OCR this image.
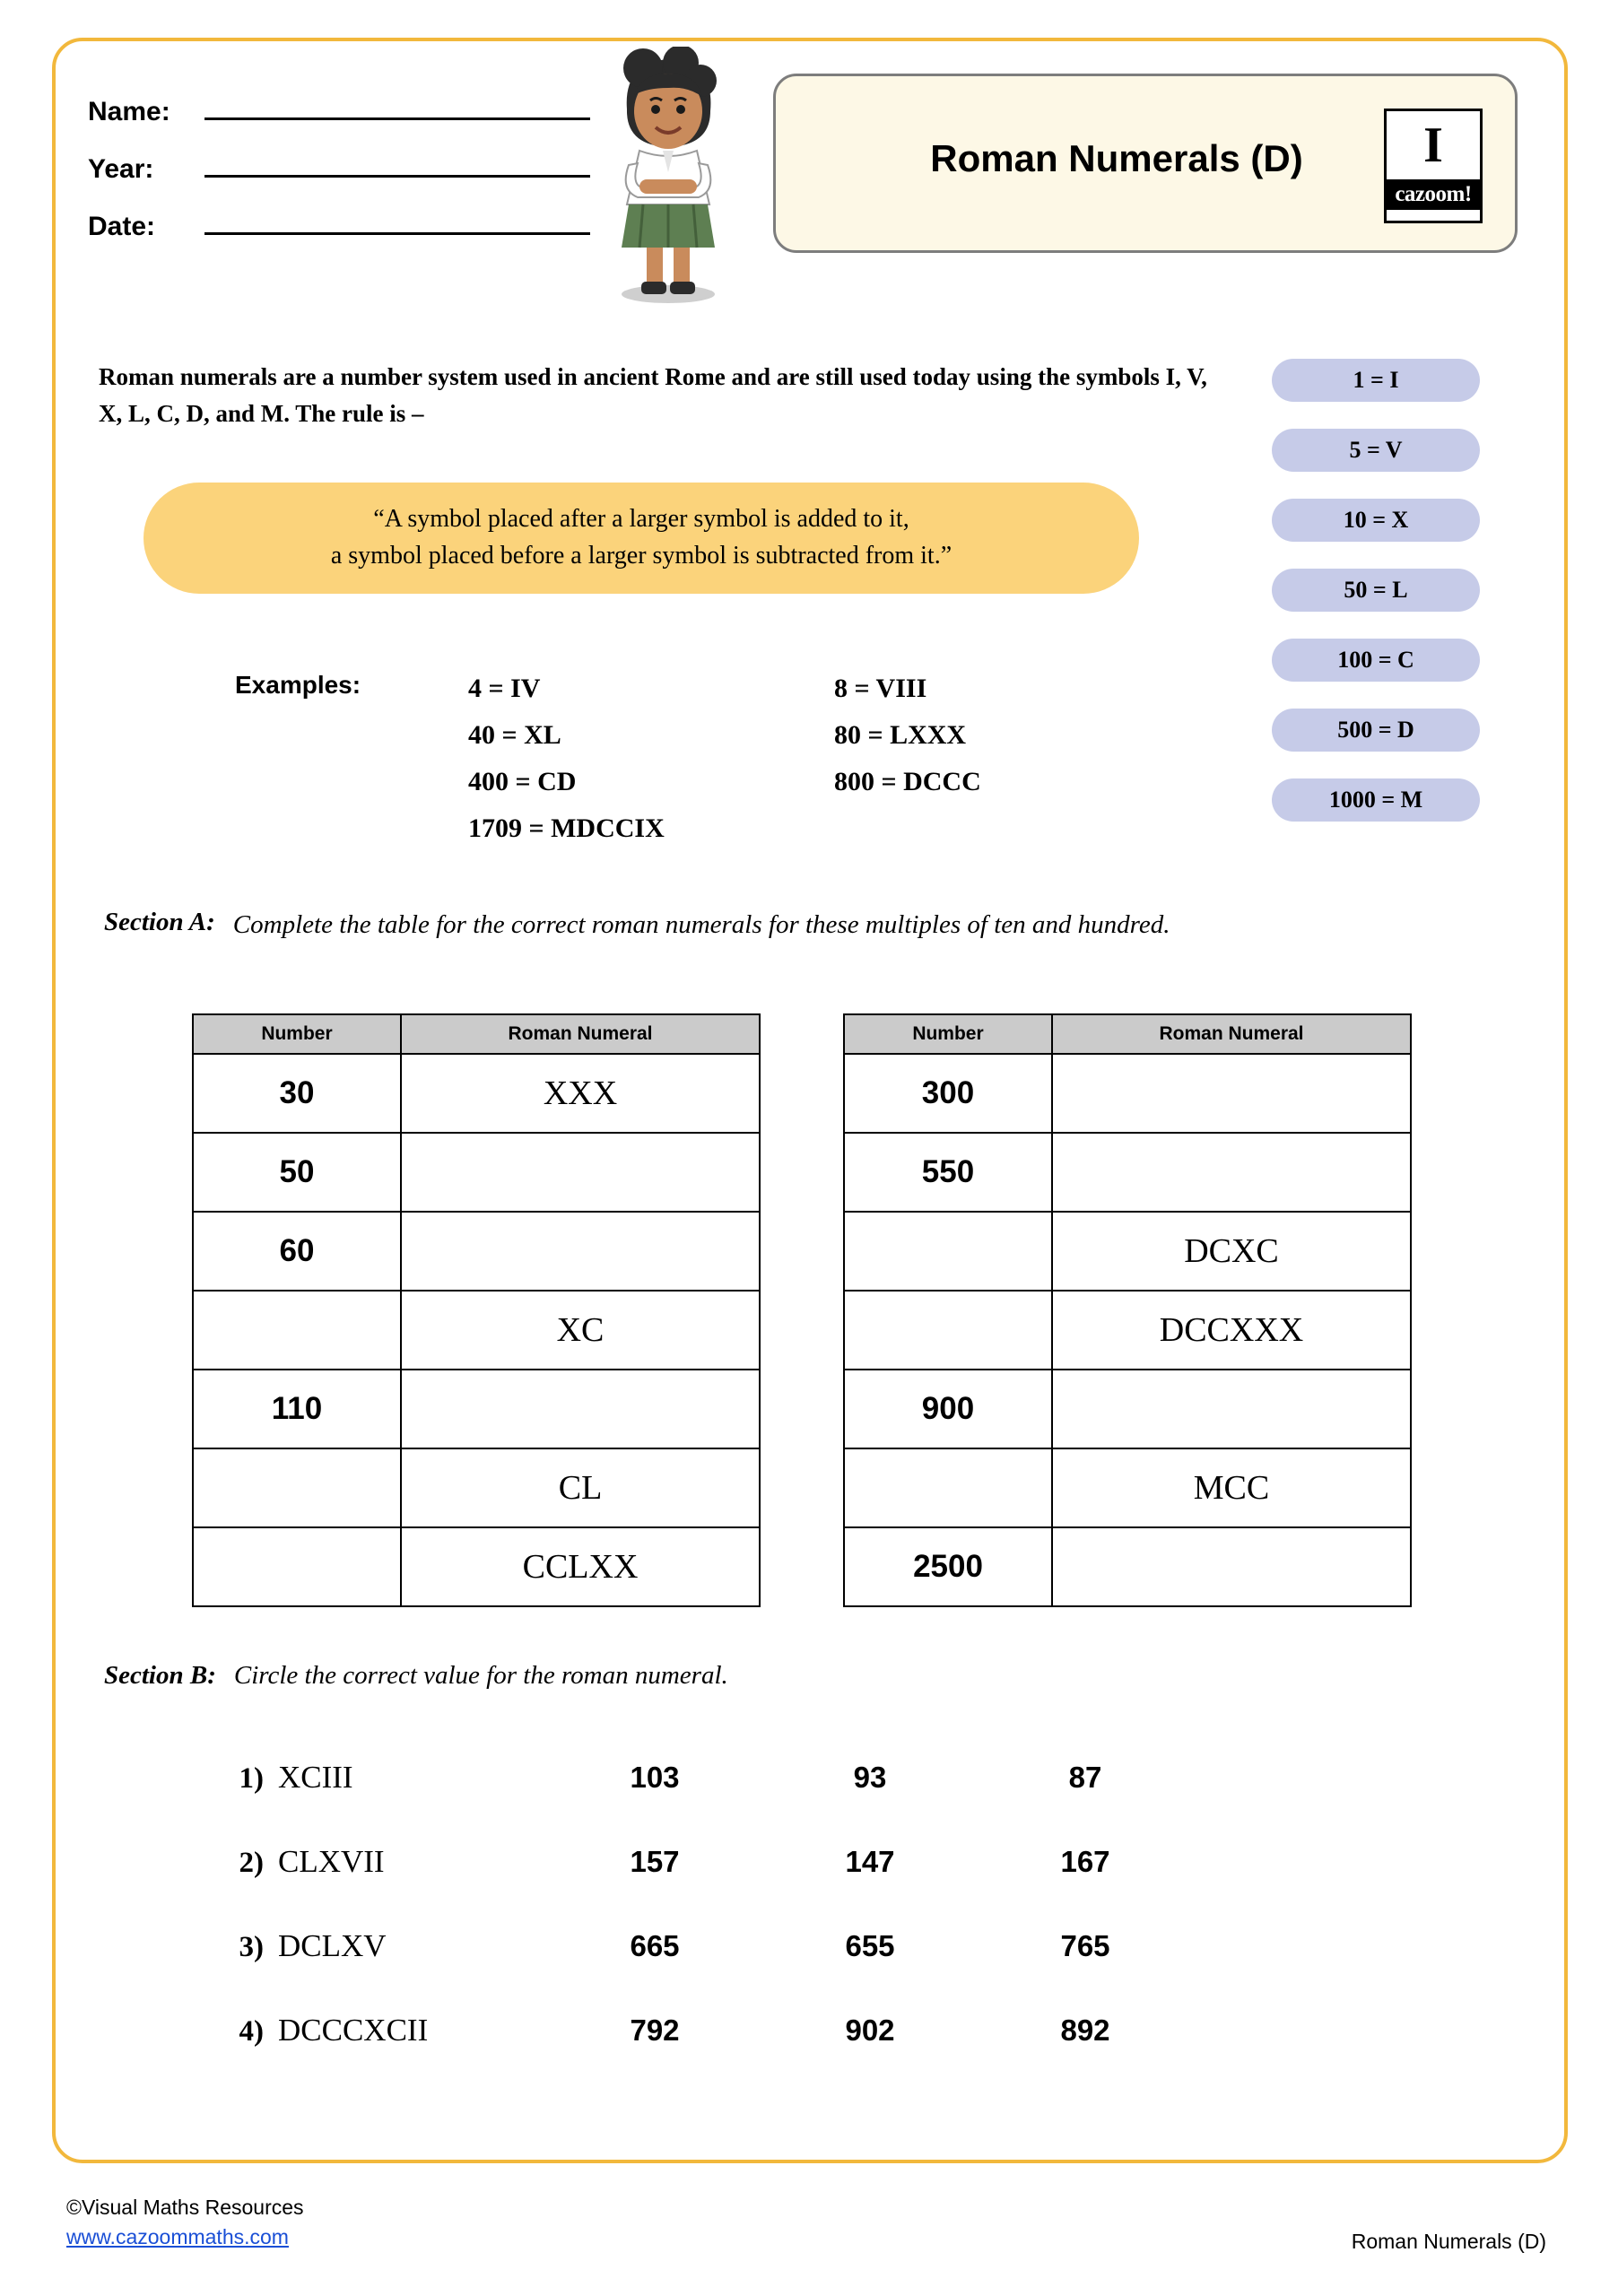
Name:
Year:
Date:
Roman Numerals (D)	I
cazoom!
Roman numerals are a number system used in ancient Rome and are still used today using the symbols I, V, X, L, C, D, and M. The rule is –
“A symbol placed after a larger symbol is added to it,
a symbol placed before a larger symbol is subtracted from it.”
Examples:	4 = IV
40 = XL
400 = CD
1709 = MDCCIX
8 = VIII
80 = LXXX
800 = DCCC
1 = I
5 = V
10 = X
50 = L
100 = C
500 = D
1000 = M
Section A: Complete the table for the correct roman numerals for these multiples of ten and hundred.
Number	Roman Numeral
30	XXX
50	
60	
	XC
110	
	CL
	CCLXX
Number	Roman Numeral
300	
550	
	DCXC
	DCCXXX
900	
	MCC
2500	
Section B: Circle the correct value for the roman numeral.
1) XCIII	103	93	87
2) CLXVII	157	147	167
3) DCLXV	665	655	765
4) DCCCXCII	792	902	892
©Visual Maths Resources
www.cazoommaths.com	Roman Numerals (D)
